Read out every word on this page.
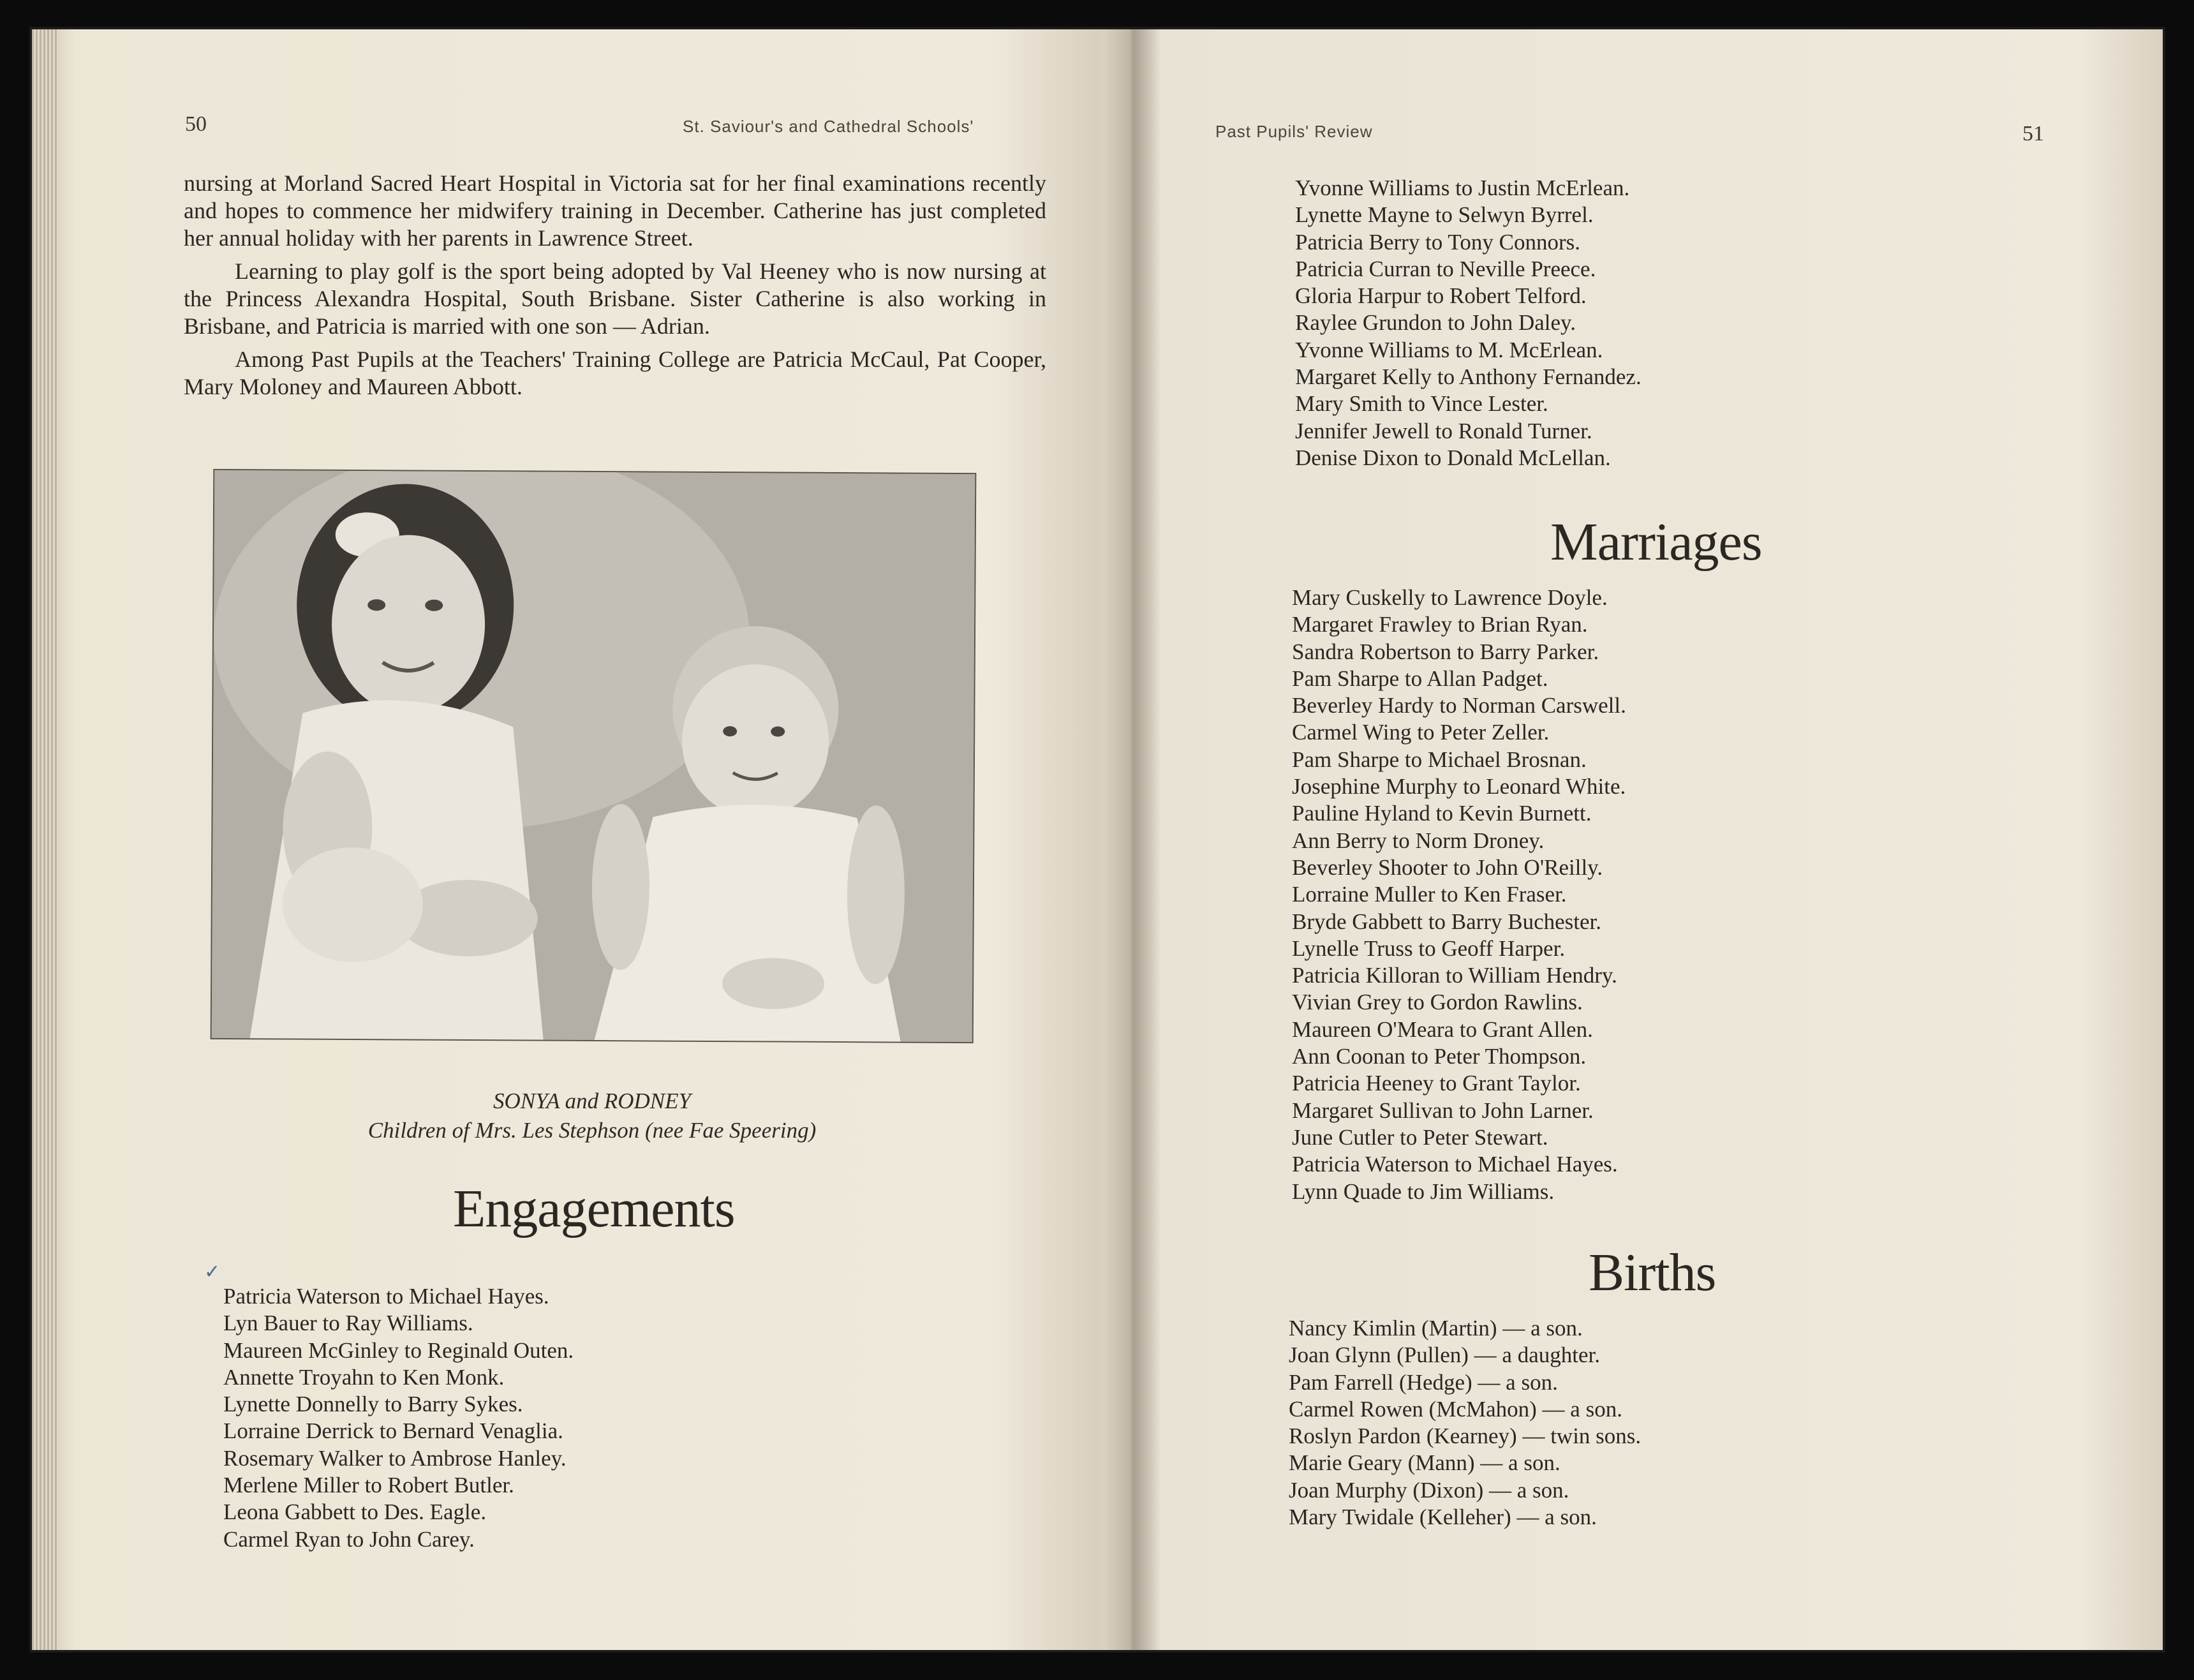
50	St. Saviour's and Cathedral Schools'

nursing at Morland Sacred Heart Hospital in Victoria sat for her final examinations recently and hopes to commence her midwifery training in December. Catherine has just completed her annual holiday with her parents in Lawrence Street.

Learning to play golf is the sport being adopted by Val Heeney who is now nursing at the Princess Alexandra Hospital, South Brisbane. Sister Catherine is also working in Brisbane, and Patricia is married with one son — Adrian.

Among Past Pupils at the Teachers' Training College are Patricia McCaul, Pat Cooper, Mary Moloney and Maureen Abbott.

SONYA and RODNEY
Children of Mrs. Les Stephson (nee Fae Speering)
Engagements
✓
Patricia Waterson to Michael Hayes.
Lyn Bauer to Ray Williams.
Maureen McGinley to Reginald Outen.
Annette Troyahn to Ken Monk.
Lynette Donnelly to Barry Sykes.
Lorraine Derrick to Bernard Venaglia.
Rosemary Walker to Ambrose Hanley.
Merlene Miller to Robert Butler.
Leona Gabbett to Des. Eagle.
Carmel Ryan to John Carey.
Past Pupils' Review	51
Yvonne Williams to Justin McErlean.
Lynette Mayne to Selwyn Byrrel.
Patricia Berry to Tony Connors.
Patricia Curran to Neville Preece.
Gloria Harpur to Robert Telford.
Raylee Grundon to John Daley.
Yvonne Williams to M. McErlean.
Margaret Kelly to Anthony Fernandez.
Mary Smith to Vince Lester.
Jennifer Jewell to Ronald Turner.
Denise Dixon to Donald McLellan.
Marriages
Mary Cuskelly to Lawrence Doyle.
Margaret Frawley to Brian Ryan.
Sandra Robertson to Barry Parker.
Pam Sharpe to Allan Padget.
Beverley Hardy to Norman Carswell.
Carmel Wing to Peter Zeller.
Pam Sharpe to Michael Brosnan.
Josephine Murphy to Leonard White.
Pauline Hyland to Kevin Burnett.
Ann Berry to Norm Droney.
Beverley Shooter to John O'Reilly.
Lorraine Muller to Ken Fraser.
Bryde Gabbett to Barry Buchester.
Lynelle Truss to Geoff Harper.
Patricia Killoran to William Hendry.
Vivian Grey to Gordon Rawlins.
Maureen O'Meara to Grant Allen.
Ann Coonan to Peter Thompson.
Patricia Heeney to Grant Taylor.
Margaret Sullivan to John Larner.
June Cutler to Peter Stewart.
Patricia Waterson to Michael Hayes.
Lynn Quade to Jim Williams.
Births
Nancy Kimlin (Martin) — a son.
Joan Glynn (Pullen) — a daughter.
Pam Farrell (Hedge) — a son.
Carmel Rowen (McMahon) — a son.
Roslyn Pardon (Kearney) — twin sons.
Marie Geary (Mann) — a son.
Joan Murphy (Dixon) — a son.
Mary Twidale (Kelleher) — a son.
